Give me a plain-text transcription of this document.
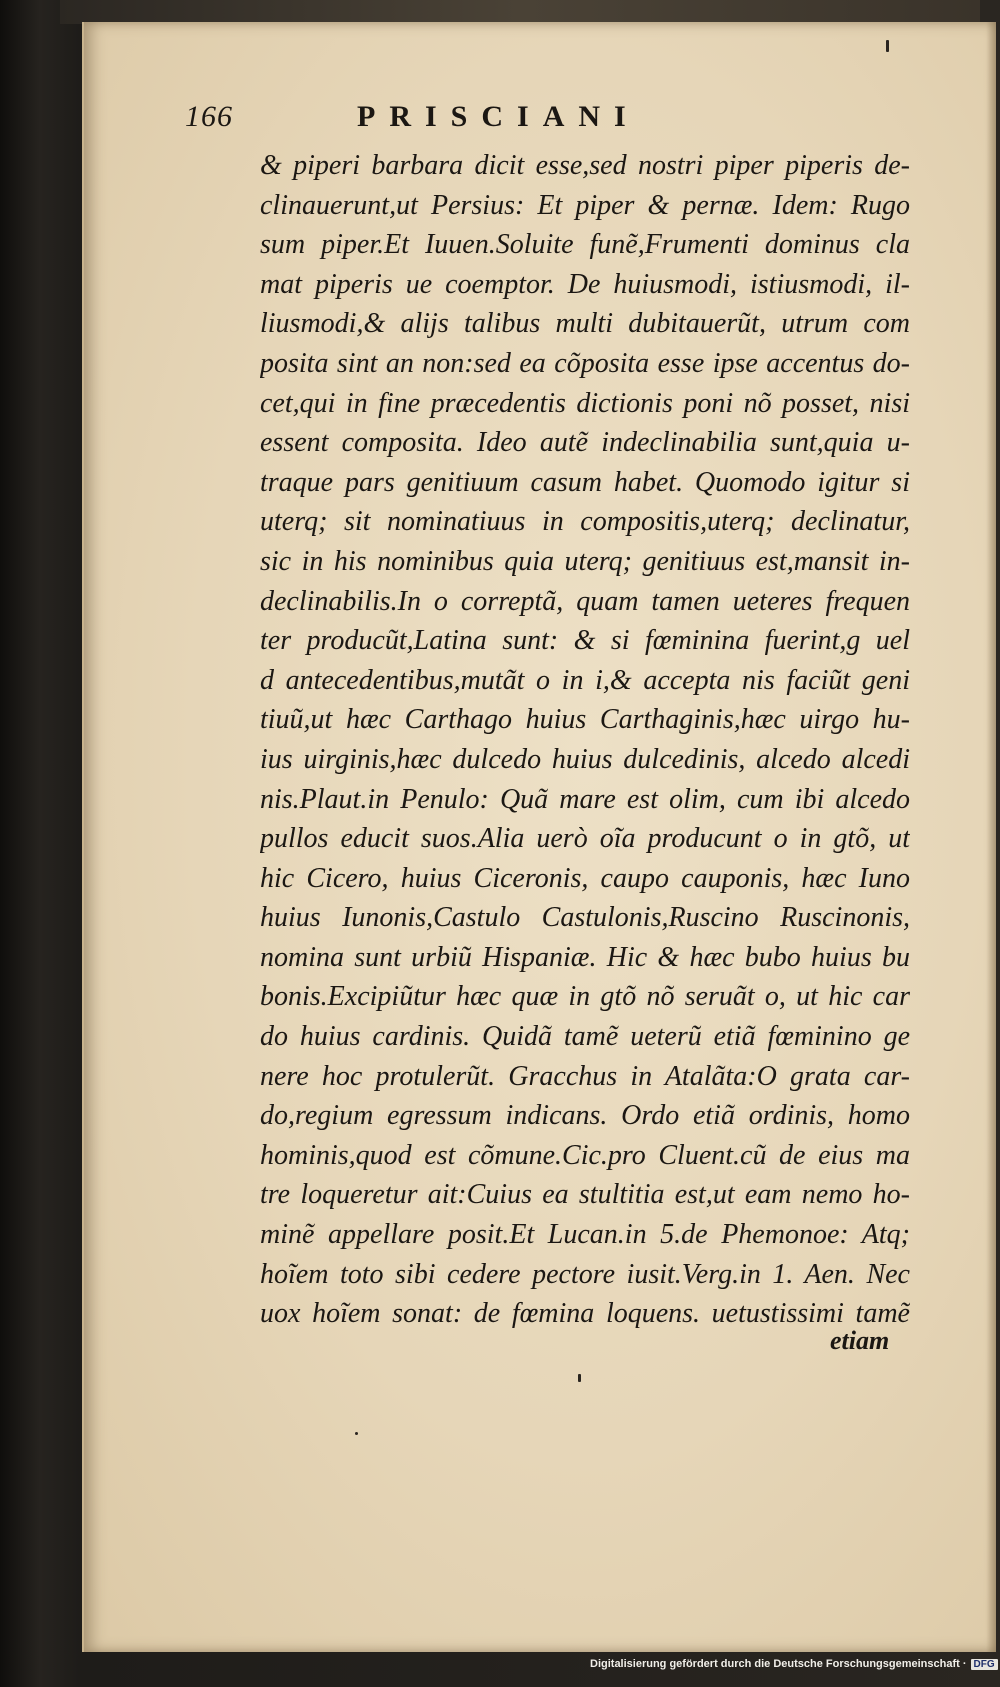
166	PRISCIANI
& piperi barbara dicit esse,sed nostri piper piperis de-
clinauerunt,ut Persius: Et piper & pernæ. Idem: Rugo
sum piper.Et Iuuen.Soluite funẽ,Frumenti dominus cla
mat piperis ue coemptor. De huiusmodi, istiusmodi, il-
liusmodi,& alijs talibus multi dubitauerũt, utrum com
posita sint an non:sed ea cõposita esse ipse accentus do-
cet,qui in fine præcedentis dictionis poni nõ posset, nisi
essent composita. Ideo autẽ indeclinabilia sunt,quia u-
traque pars genitiuum casum habet. Quomodo igitur si
uterq; sit nominatiuus in compositis,uterq; declinatur,
sic in his nominibus quia uterq; genitiuus est,mansit in-
declinabilis.In o correptã, quam tamen ueteres frequen
ter producũt,Latina sunt: & si fœminina fuerint,g uel
d antecedentibus,mutãt o in i,& accepta nis faciũt geni
tiuũ,ut hæc Carthago huius Carthaginis,hæc uirgo hu-
ius uirginis,hæc dulcedo huius dulcedinis, alcedo alcedi
nis.Plaut.in Penulo: Quã mare est olim, cum ibi alcedo
pullos educit suos.Alia uerò oĩa producunt o in gtõ, ut
hic Cicero, huius Ciceronis, caupo cauponis, hæc Iuno
huius Iunonis,Castulo Castulonis,Ruscino Ruscinonis,
nomina sunt urbiũ Hispaniæ. Hic & hæc bubo huius bu
bonis.Excipiũtur hæc quæ in gtõ nõ seruãt o, ut hic car
do huius cardinis. Quidã tamẽ ueterũ etiã fœminino ge
nere hoc protulerũt. Gracchus in Atalãta:O grata car-
do,regium egressum indicans. Ordo etiã ordinis, homo
hominis,quod est cõmune.Cic.pro Cluent.cũ de eius ma
tre loqueretur ait:Cuius ea stultitia est,ut eam nemo ho-
minẽ appellare posit.Et Lucan.in 5.de Phemonoe: Atq;
hoĩem toto sibi cedere pectore iusit.Verg.in 1. Aen. Nec
uox hoĩem sonat: de fœmina loquens. uetustissimi tamẽ
etiam
Digitalisierung gefördert durch die Deutsche Forschungsgemeinschaft · DFG
